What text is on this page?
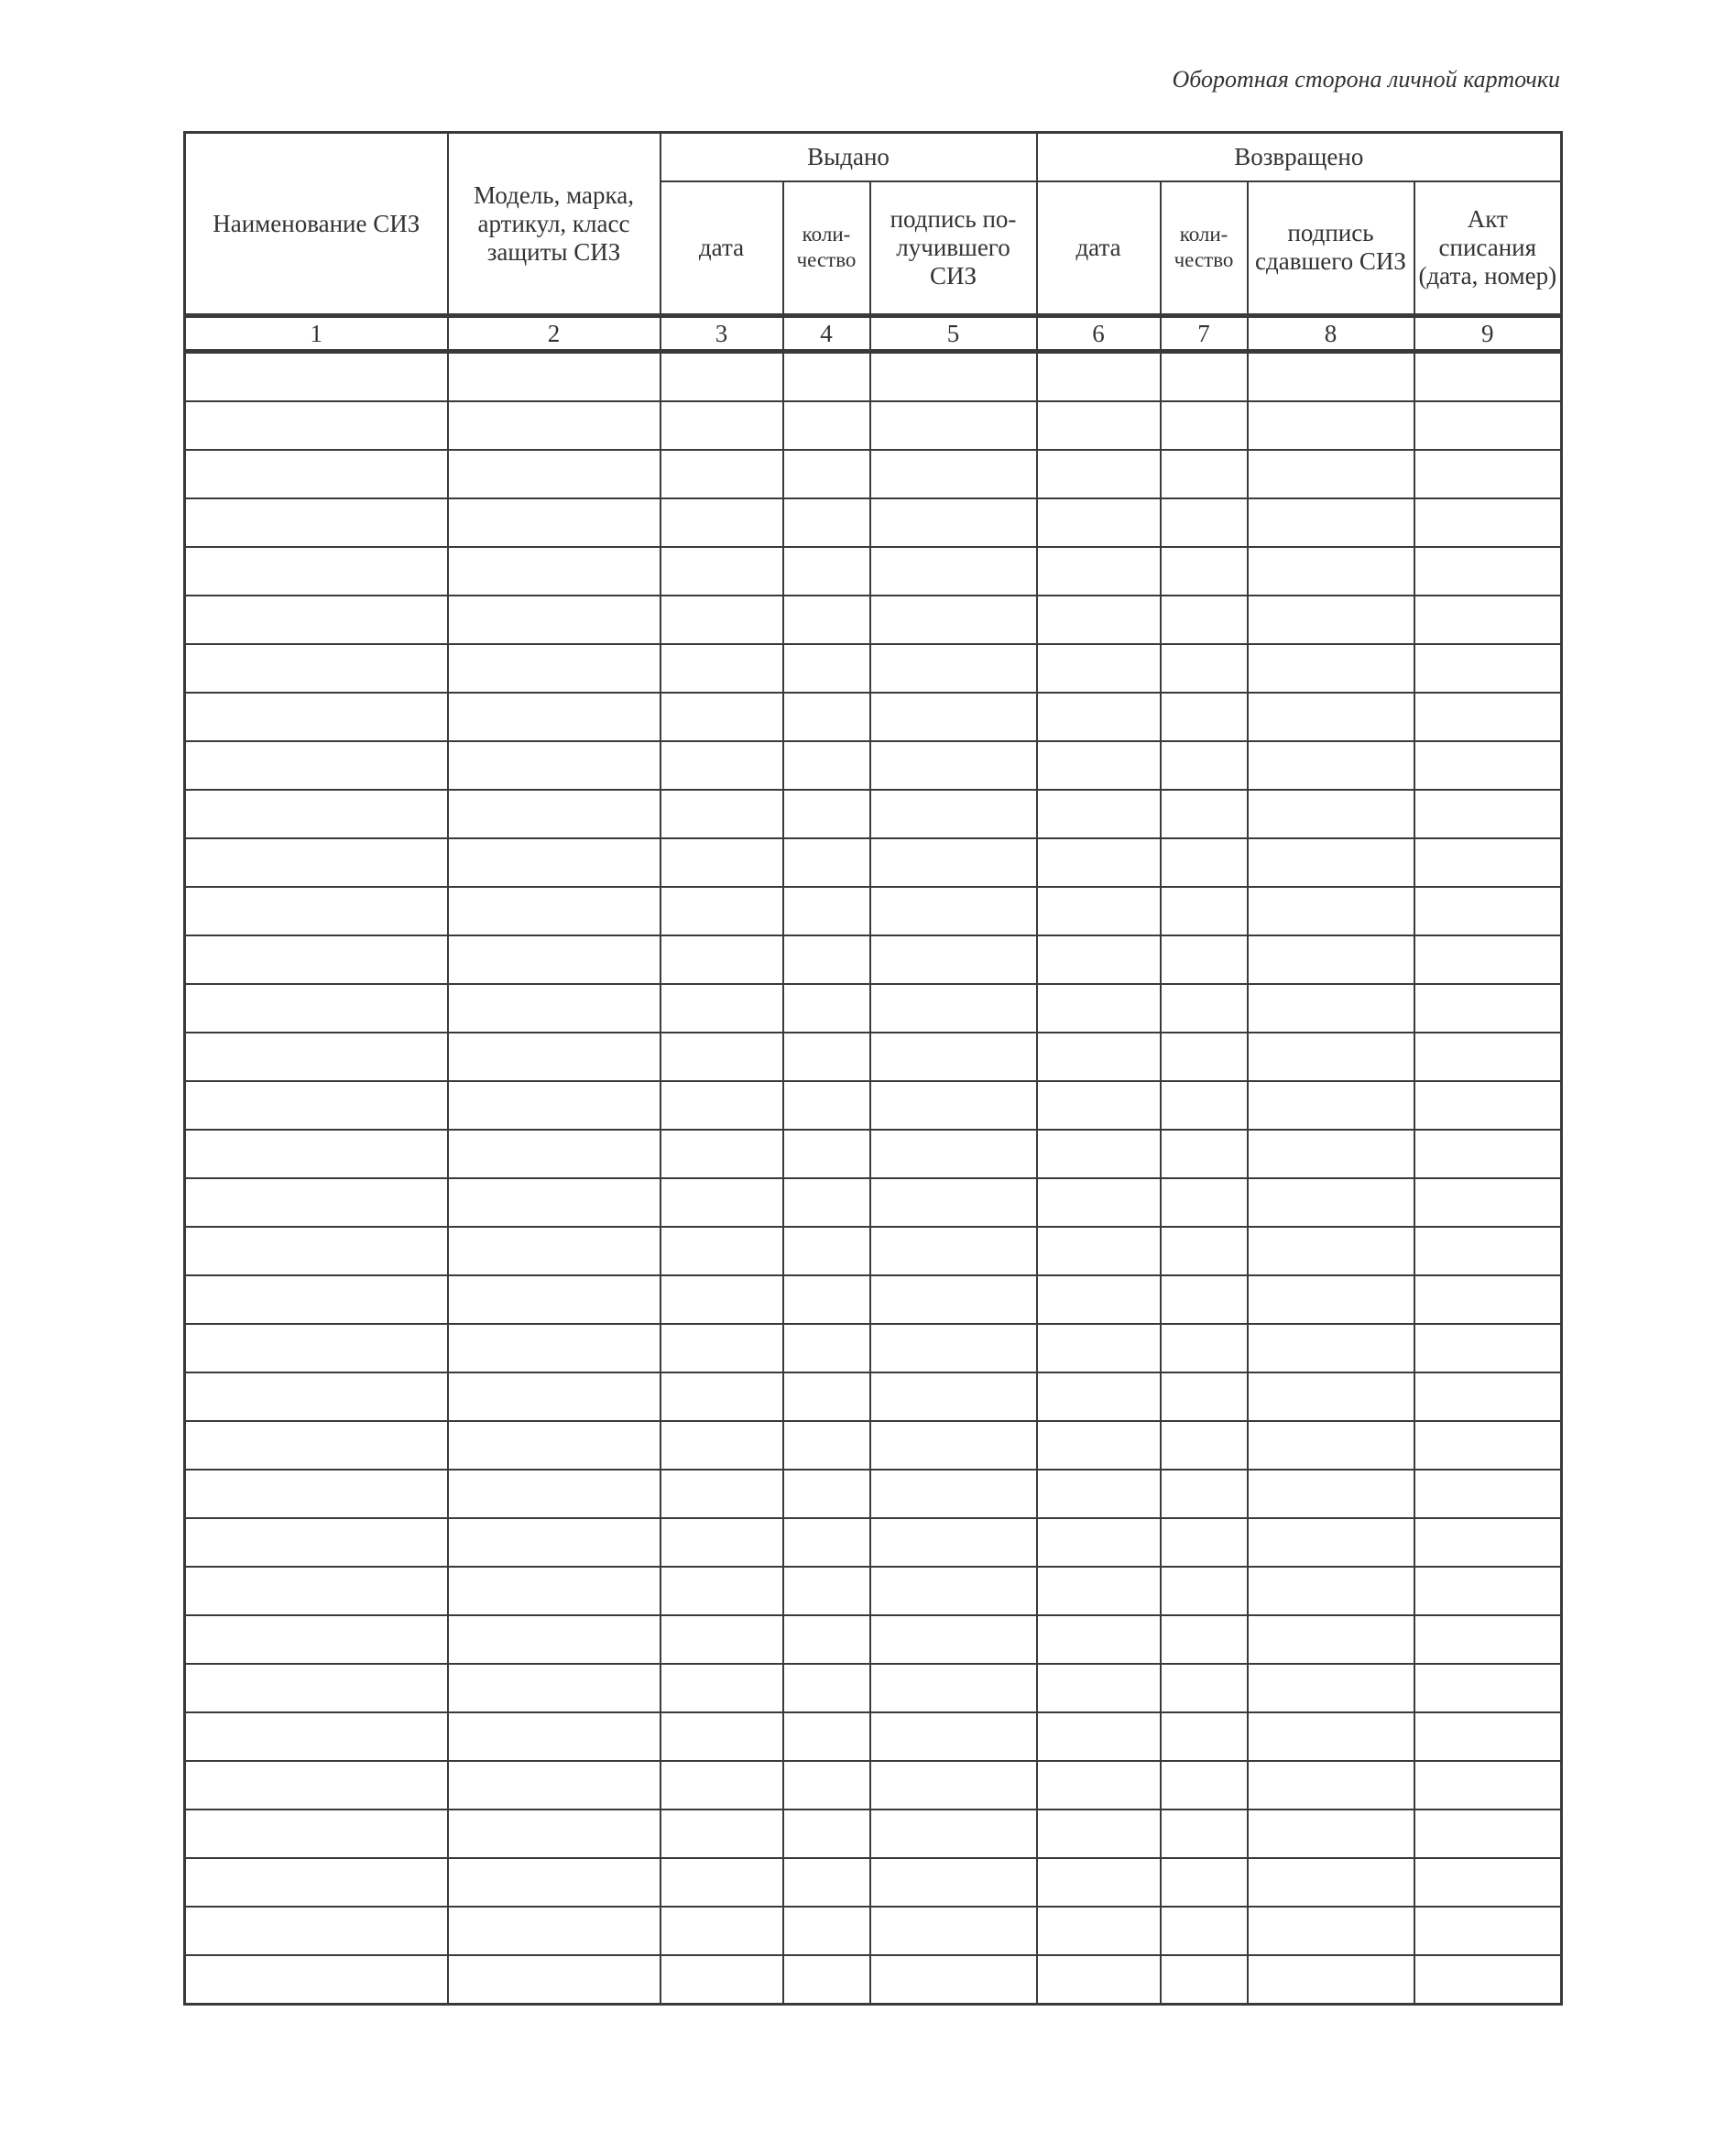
Оборотная сторона личной карточки
Наименование СИЗ	Модель, марка, артикул, класс защиты СИЗ	Выдано			Возвращено			
		дата	коли-чество	подпись по-лучившего СИЗ	дата	коли-чество	подпись сдавшего СИЗ	Акт списания (дата, номер)
1	2	3	4	5	6	7	8	9
